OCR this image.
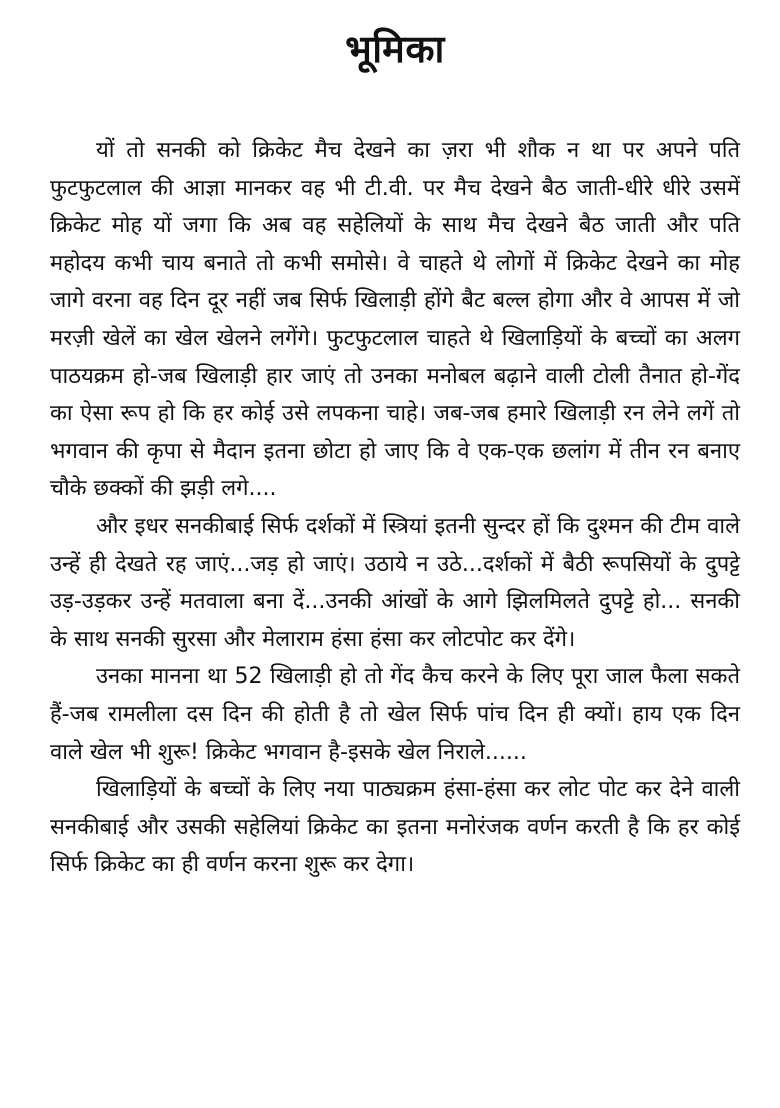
भूमिका

यों तो सनकी को क्रिकेट मैच देखने का ज़रा भी शौक न था पर अपने पति फुटफुटलाल की आज्ञा मानकर वह भी टी.वी. पर मैच देखने बैठ जाती-धीरे धीरे उसमें क्रिकेट मोह यों जगा कि अब वह सहेलियों के साथ मैच देखने बैठ जाती और पति महोदय कभी चाय बनाते तो कभी समोसे। वे चाहते थे लोगों में क्रिकेट देखने का मोह जागे वरना वह दिन दूर नहीं जब सिर्फ खिलाड़ी होंगे बैट बल्ल होगा और वे आपस में जो मरज़ी खेलें का खेल खेलने लगेंगे। फुटफुटलाल चाहते थे खिलाड़ियों के बच्चों का अलग पाठयक्रम हो-जब खिलाड़ी हार जाएं तो उनका मनोबल बढ़ाने वाली टोली तैनात हो-गेंद का ऐसा रूप हो कि हर कोई उसे लपकना चाहे। जब-जब हमारे खिलाड़ी रन लेने लगें तो भगवान की कृपा से मैदान इतना छोटा हो जाए कि वे एक-एक छलांग में तीन रन बनाए चौके छक्कों की झड़ी लगे....

और इधर सनकीबाई सिर्फ दर्शकों में स्त्रियां इतनी सुन्दर हों कि दुश्मन की टीम वाले उन्हें ही देखते रह जाएं...जड़ हो जाएं। उठाये न उठे...दर्शकों में बैठी रूपसियों के दुपट्टे उड़-उड़कर उन्हें मतवाला बना दें...उनकी आंखों के आगे झिलमिलते दुपट्टे हो... सनकी के साथ सनकी सुरसा और मेलाराम हंसा हंसा कर लोटपोट कर देंगे।

उनका मानना था 52 खिलाड़ी हो तो गेंद कैच करने के लिए पूरा जाल फैला सकते हैं-जब रामलीला दस दिन की होती है तो खेल सिर्फ पांच दिन ही क्यों। हाय एक दिन वाले खेल भी शुरू! क्रिकेट भगवान है-इसके खेल निराले......

खिलाड़ियों के बच्चों के लिए नया पाठ्यक्रम हंसा-हंसा कर लोट पोट कर देने वाली सनकीबाई और उसकी सहेलियां क्रिकेट का इतना मनोरंजक वर्णन करती है कि हर कोई सिर्फ क्रिकेट का ही वर्णन करना शुरू कर देगा।
